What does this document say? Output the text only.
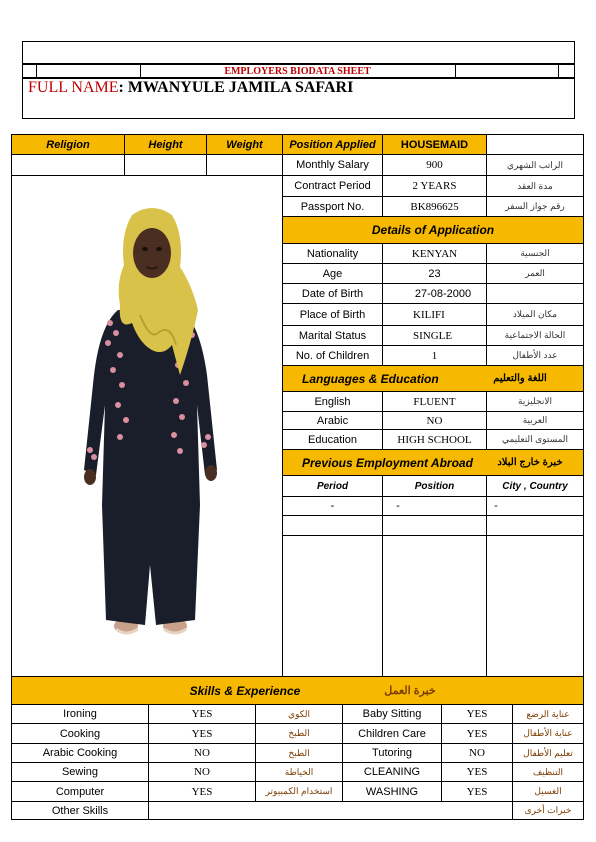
EMPLOYERS BIODATA SHEET
FULL NAME: MWANYULE JAMILA SAFARI
Religion	Height	Weight	Position Applied	HOUSEMAID
Monthly Salary	900	الراتب الشهري
Contract Period	2 YEARS	مدة العقد
Passport No.	BK896625	رقم جواز السفر
Details of Application
Nationality	KENYAN	الجنسية
Age	23	العمر
Date of Birth	27-08-2000
Place of Birth	KILIFI	مكان الميلاد
Marital Status	SINGLE	الحالة الاجتماعية
No. of Children	1	عدد الأطفال
Languages & Education	اللغة والتعليم
English	FLUENT	الانجليزية
Arabic	NO	العربية
Education	HIGH SCHOOL	المستوى التعليمي
Previous Employment Abroad	خبرة خارج البلاد
Period	Position	City , Country
-	-	-
Skills & Experience	خبرة العمل
Ironing	YES	الكوي	Baby Sitting	YES	عناية الرضع
Cooking	YES	الطبخ	Children Care	YES	عناية الأطفال
Arabic Cooking	NO	الطبخ	Tutoring	NO	تعليم الأطفال
Sewing	NO	الخياطة	CLEANING	YES	التنظيف
Computer	YES	استخدام الكمبيوتر	WASHING	YES	الغسيل
Other Skills	خبرات أخرى
